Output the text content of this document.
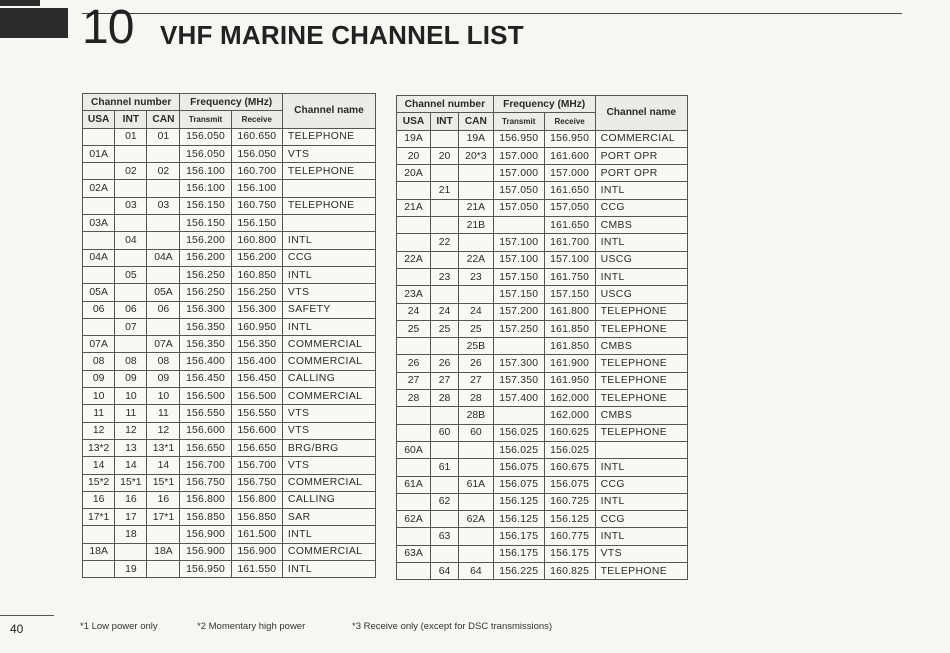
10 VHF MARINE CHANNEL LIST
Channel number			Frequency (MHz)		Channel name
USA	INT	CAN	Transmit	Receive	
	01	01	156.050	160.650	TELEPHONE
01A			156.050	156.050	VTS
	02	02	156.100	160.700	TELEPHONE
02A			156.100	156.100	
	03	03	156.150	160.750	TELEPHONE
03A			156.150	156.150	
	04		156.200	160.800	INTL
04A		04A	156.200	156.200	CCG
	05		156.250	160.850	INTL
05A		05A	156.250	156.250	VTS
06	06	06	156.300	156.300	SAFETY
	07		156.350	160.950	INTL
07A		07A	156.350	156.350	COMMERCIAL
08	08	08	156.400	156.400	COMMERCIAL
09	09	09	156.450	156.450	CALLING
10	10	10	156.500	156.500	COMMERCIAL
11	11	11	156.550	156.550	VTS
12	12	12	156.600	156.600	VTS
13*2	13	13*1	156.650	156.650	BRG/BRG
14	14	14	156.700	156.700	VTS
15*2	15*1	15*1	156.750	156.750	COMMERCIAL
16	16	16	156.800	156.800	CALLING
17*1	17	17*1	156.850	156.850	SAR
	18		156.900	161.500	INTL
18A		18A	156.900	156.900	COMMERCIAL
	19		156.950	161.550	INTL
Channel number			Frequency (MHz)		Channel name
USA	INT	CAN	Transmit	Receive	
19A		19A	156.950	156.950	COMMERCIAL
20	20	20*3	157.000	161.600	PORT OPR
20A			157.000	157.000	PORT OPR
	21		157.050	161.650	INTL
21A		21A	157.050	157.050	CCG
		21B		161.650	CMBS
	22		157.100	161.700	INTL
22A		22A	157.100	157.100	USCG
	23	23	157.150	161.750	INTL
23A			157.150	157.150	USCG
24	24	24	157.200	161.800	TELEPHONE
25	25	25	157.250	161.850	TELEPHONE
		25B		161.850	CMBS
26	26	26	157.300	161.900	TELEPHONE
27	27	27	157.350	161.950	TELEPHONE
28	28	28	157.400	162.000	TELEPHONE
		28B		162.000	CMBS
	60	60	156.025	160.625	TELEPHONE
60A			156.025	156.025	
	61		156.075	160.675	INTL
61A		61A	156.075	156.075	CCG
	62		156.125	160.725	INTL
62A		62A	156.125	156.125	CCG
	63		156.175	160.775	INTL
63A			156.175	156.175	VTS
	64	64	156.225	160.825	TELEPHONE
40	*1 Low power only	*2 Momentary high power	*3 Receive only (except for DSC transmissions)
